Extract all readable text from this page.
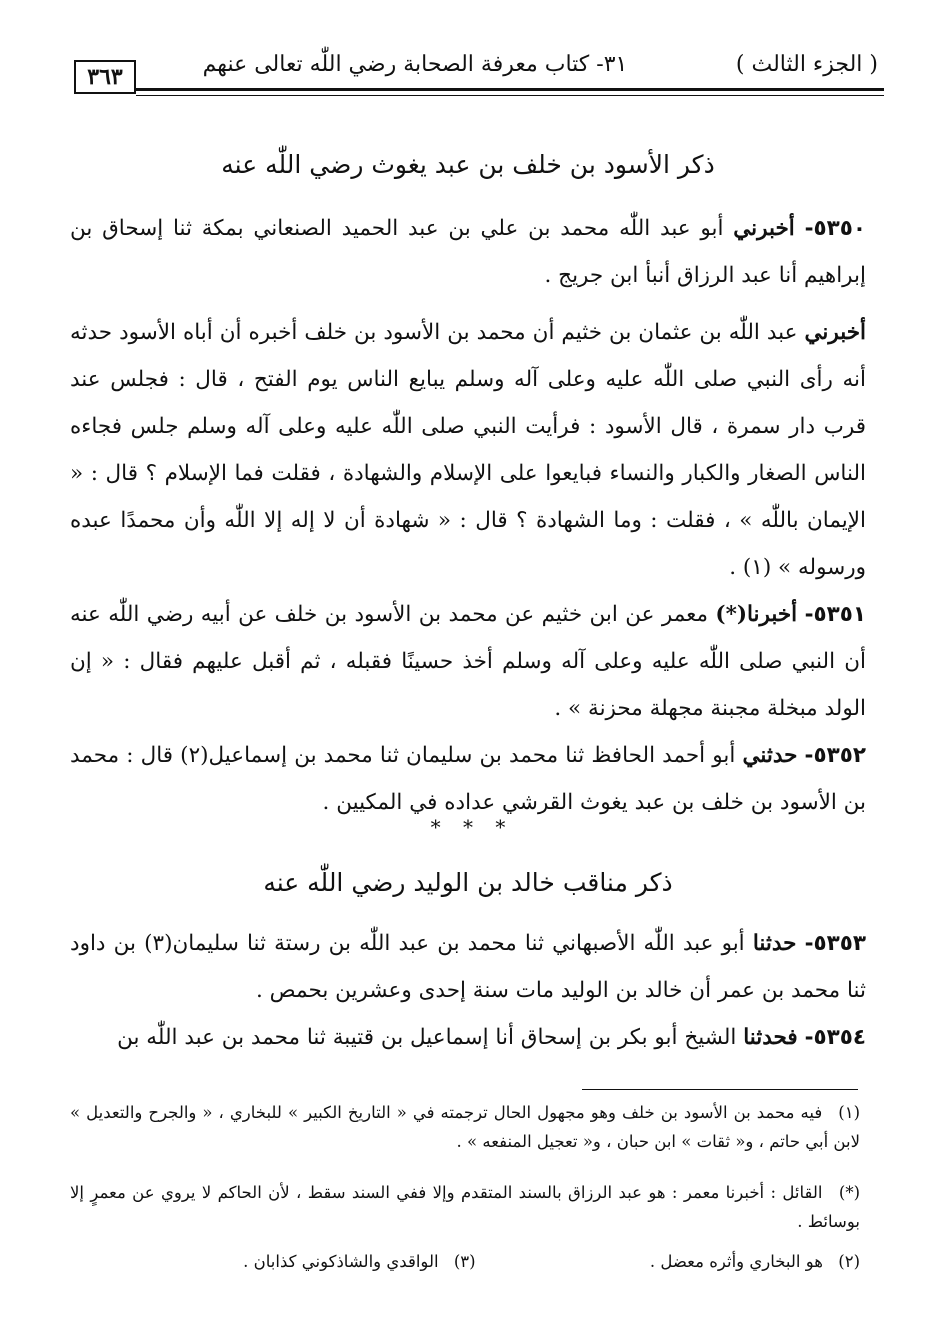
٣٦٣	٣١- كتاب معرفة الصحابة رضي اللّٰه تعالى عنهم	( الجزء الثالث )
ذكر الأسود بن خلف بن عبد يغوث رضي اللّٰه عنه

٥٣٥٠- أخبرني أبو عبد اللّٰه محمد بن علي بن عبد الحميد الصنعاني بمكة ثنا إسحاق بن إبراهيم أنا عبد الرزاق أنبأ ابن جريج .

أخبرني عبد اللّٰه بن عثمان بن خثيم أن محمد بن الأسود بن خلف أخبره أن أباه الأسود حدثه أنه رأى النبي صلى اللّٰه عليه وعلى آله وسلم يبايع الناس يوم الفتح ، قال : فجلس عند قرب دار سمرة ، قال الأسود : فرأيت النبي صلى اللّٰه عليه وعلى آله وسلم جلس فجاءه الناس الصغار والكبار والنساء فبايعوا على الإسلام والشهادة ، فقلت فما الإسلام ؟ قال : « الإيمان باللّٰه » ، فقلت : وما الشهادة ؟ قال : « شهادة أن لا إله إلا اللّٰه وأن محمدًا عبده ورسوله » (١) .

٥٣٥١- أخبرنا(*) معمر عن ابن خثيم عن محمد بن الأسود بن خلف عن أبيه رضي اللّٰه عنه أن النبي صلى اللّٰه عليه وعلى آله وسلم أخذ حسينًا فقبله ، ثم أقبل عليهم فقال : « إن الولد مبخلة مجبنة مجهلة محزنة » .

٥٣٥٢- حدثني أبو أحمد الحافظ ثنا محمد بن سليمان ثنا محمد بن إسماعيل(٢) قال : محمد بن الأسود بن خلف بن عبد يغوث القرشي عداده في المكيين .

* * *
ذكر مناقب خالد بن الوليد رضي اللّٰه عنه

٥٣٥٣- حدثنا أبو عبد اللّٰه الأصبهاني ثنا محمد بن عبد اللّٰه بن رستة ثنا سليمان(٣) بن داود ثنا محمد بن عمر أن خالد بن الوليد مات سنة إحدى وعشرين بحمص .

٥٣٥٤- فحدثنا الشيخ أبو بكر بن إسحاق أنا إسماعيل بن قتيبة ثنا محمد بن عبد اللّٰه بن

(١) فيه محمد بن الأسود بن خلف وهو مجهول الحال ترجمته في « التاريخ الكبير » للبخاري ، « والجرح والتعديل » لابن أبي حاتم ، و« ثقات » ابن حبان ، و« تعجيل المنفعه » .
(*) القائل : أخبرنا معمر : هو عبد الرزاق بالسند المتقدم وإلا ففي السند سقط ، لأن الحاكم لا يروي عن معمرٍ إلا بوسائط .
(٢) هو البخاري وأثره معضل . (٣) الواقدي والشاذكوني كذابان .
